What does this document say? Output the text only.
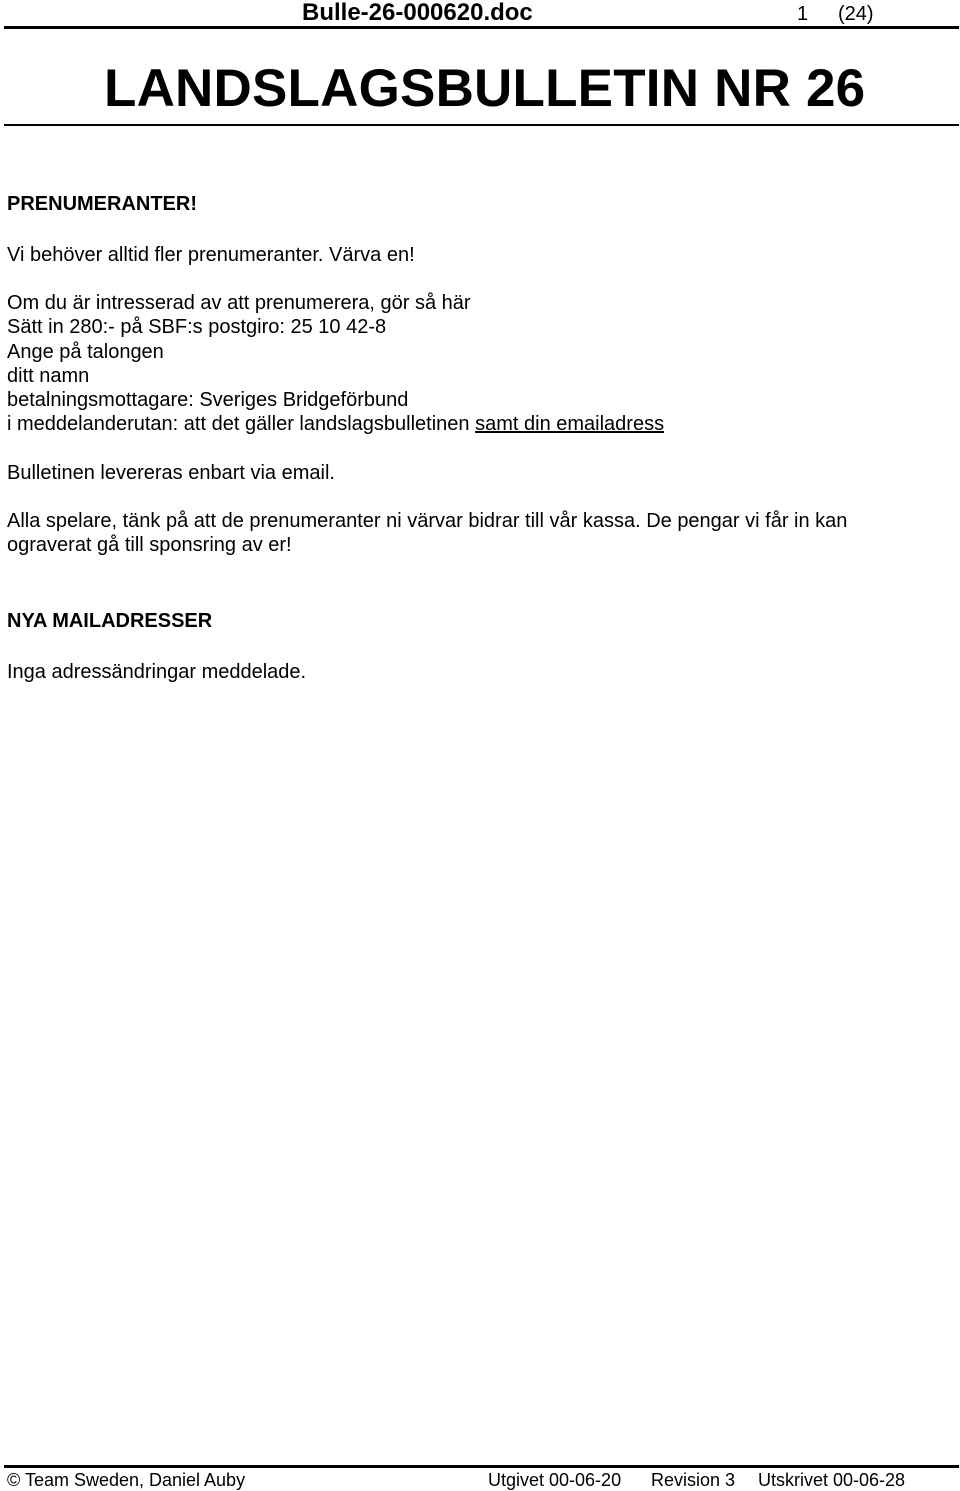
Bulle-26-000620.doc	1 (24)
LANDSLAGSBULLETIN NR 26
PRENUMERANTER!
Vi behöver alltid fler prenumeranter. Värva en!
Om du är intresserad av att prenumerera, gör så här
Sätt in 280:- på SBF:s postgiro: 25 10 42-8
Ange på talongen
ditt namn
betalningsmottagare: Sveriges Bridgeförbund
i meddelanderutan: att det gäller landslagsbulletinen samt din emailadress
Bulletinen levereras enbart via email.
Alla spelare, tänk på att de prenumeranter ni värvar bidrar till vår kassa. De pengar vi får in kan
ograverat gå till sponsring av er!
NYA MAILADRESSER
Inga adressändringar meddelade.
© Team Sweden, Daniel Auby	Utgivet 00-06-20 Revision 3 Utskrivet 00-06-28
